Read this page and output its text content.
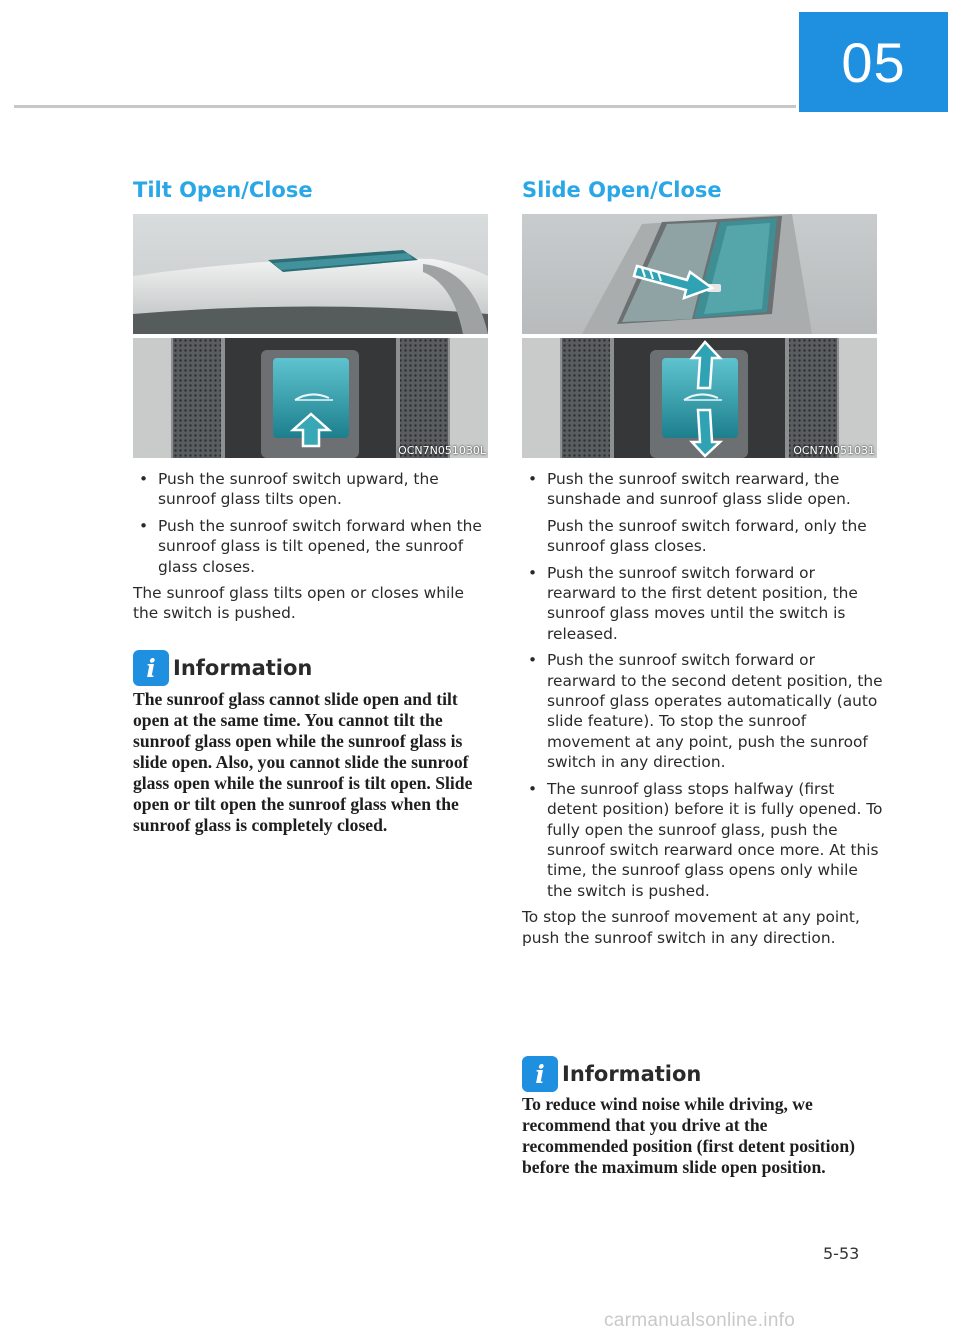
05
Tilt Open/Close
OCN7N051030L

• Push the sunroof switch upward, the sunroof glass tilts open.

• Push the sunroof switch forward when the sunroof glass is tilt opened, the sunroof glass closes.

The sunroof glass tilts open or closes while the switch is pushed.

i Information
The sunroof glass cannot slide open and tilt open at the same time. You cannot tilt the sunroof glass open while the sunroof glass is slide open. Also, you cannot slide the sunroof glass open while the sunroof is tilt open. Slide open or tilt open the sunroof glass when the sunroof glass is completely closed.
Slide Open/Close
OCN7N051031

• Push the sunroof switch rearward, the sunshade and sunroof glass slide open.

Push the sunroof switch forward, only the sunroof glass closes.

• Push the sunroof switch forward or rearward to the first detent position, the sunroof glass moves until the switch is released.

• Push the sunroof switch forward or rearward to the second detent position, the sunroof glass operates automatically (auto slide feature). To stop the sunroof movement at any point, push the sunroof switch in any direction.

• The sunroof glass stops halfway (first detent position) before it is fully opened. To fully open the sunroof glass, push the sunroof switch rearward once more. At this time, the sunroof glass opens only while the switch is pushed.

To stop the sunroof movement at any point, push the sunroof switch in any direction.

i Information
To reduce wind noise while driving, we recommend that you drive at the recommended position (first detent position) before the maximum slide open position.
5-53
carmanualsonline.info
